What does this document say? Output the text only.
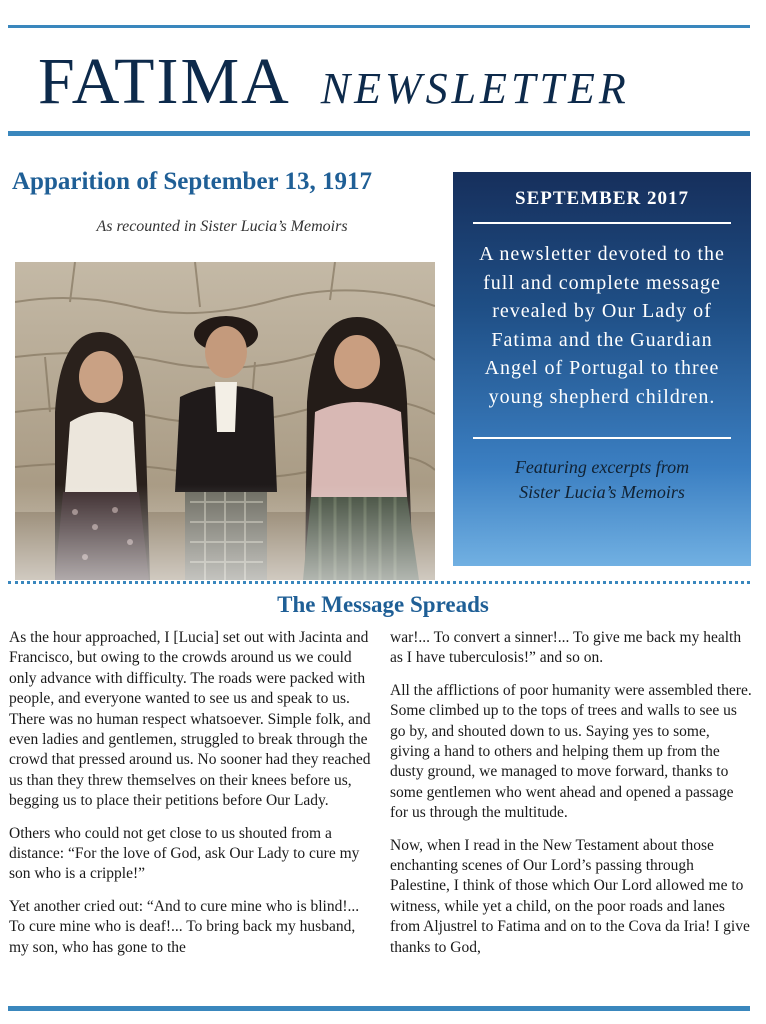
FATIMA NEWSLETTER
Apparition of September 13, 1917
As recounted in Sister Lucia’s Memoirs
SEPTEMBER 2017
A newsletter devoted to the full and complete message revealed by Our Lady of Fatima and the Guardian Angel of Portugal to three young shepherd children.
Featuring excerpts from
Sister Lucia’s Memoirs
The Message Spreads

As the hour approached, I [Lucia] set out with Jacinta and Francisco, but owing to the crowds around us we could only advance with difficulty. The roads were packed with people, and everyone wanted to see us and speak to us. There was no human respect whatsoever. Simple folk, and even ladies and gentlemen, struggled to break through the crowd that pressed around us. No sooner had they reached us than they threw themselves on their knees before us, begging us to place their petitions before Our Lady.

Others who could not get close to us shouted from a distance: “For the love of God, ask Our Lady to cure my son who is a cripple!”

Yet another cried out: “And to cure mine who is blind!... To cure mine who is deaf!... To bring back my husband, my son, who has gone to the

war!... To convert a sinner!... To give me back my health as I have tuberculosis!” and so on.

All the afflictions of poor humanity were assembled there. Some climbed up to the tops of trees and walls to see us go by, and shouted down to us. Saying yes to some, giving a hand to others and helping them up from the dusty ground, we managed to move forward, thanks to some gentlemen who went ahead and opened a passage for us through the multitude.

Now, when I read in the New Testament about those enchanting scenes of Our Lord’s passing through Palestine, I think of those which Our Lord allowed me to witness, while yet a child, on the poor roads and lanes from Aljustrel to Fatima and on to the Cova da Iria! I give thanks to God,
